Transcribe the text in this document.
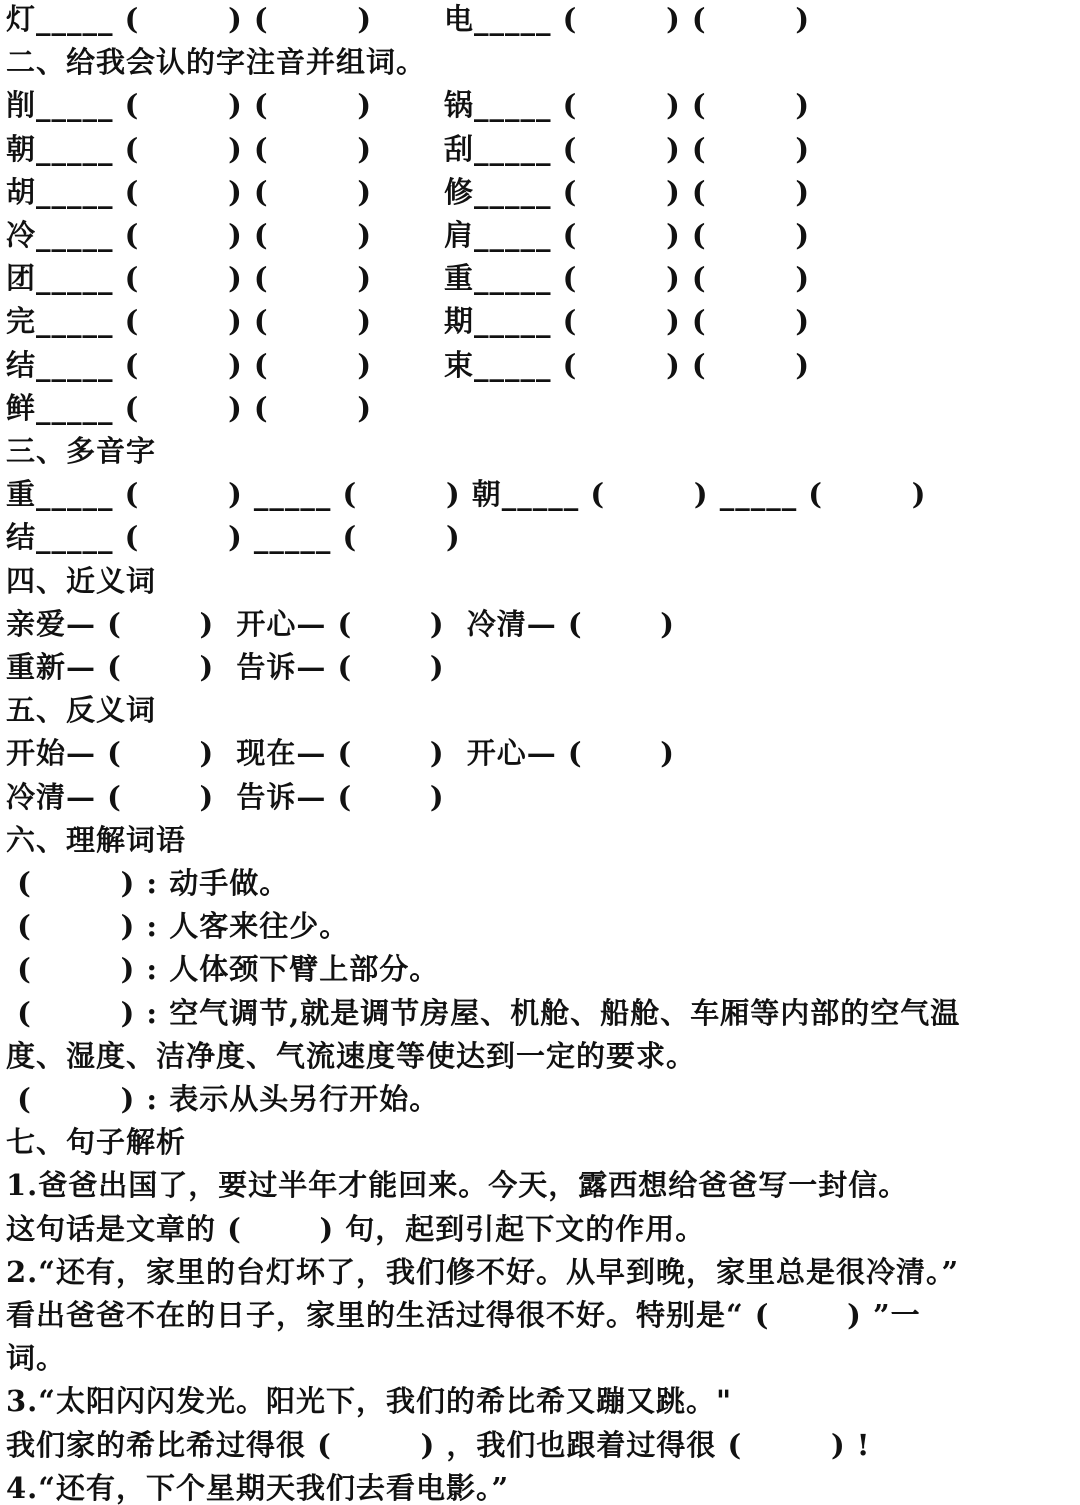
灯_____ (        ) (        )
二、给我会认的字注音并组词。
削_____ (        ) (        )
朝_____ (        ) (        )
胡_____ (        ) (        )
冷_____ (        ) (        )
团_____ (        ) (        )
完_____ (        ) (        )
结_____ (        ) (        )
鲜_____ (        ) (        )
三、多音字
重_____ (        ) _____ (        ) 朝_____ (        ) _____ (        )
结_____ (        ) _____ (        )
四、近义词
亲爱— (       )  开心— (       )  冷清— (       )
重新— (       )  告诉— (       )
五、反义词
开始— (       )  现在— (       )  开心— (       )
冷清— (       )  告诉— (       )
六、理解词语
(        ) : 动手做。
(        ) : 人客来往少。
(        ) : 人体颈下臂上部分。
(        ) : 空气调节,就是调节房屋、机舱、船舱、车厢等内部的空气温
度、湿度、洁净度、气流速度等使达到一定的要求。
(        ) : 表示从头另行开始。
七、句子解析
1.爸爸出国了，要过半年才能回来。今天，露西想给爸爸写一封信。
这句话是文章的 (       ) 句，起到引起下文的作用。
2.“还有，家里的台灯坏了，我们修不好。从早到晚，家里总是很冷清。”
看出爸爸不在的日子，家里的生活过得很不好。特别是“ (       ) ”一
词。
3.“太阳闪闪发光。阳光下，我们的希比希又蹦又跳。"
我们家的希比希过得很 (        ) ，我们也跟着过得很 (        ) !
4.“还有，下个星期天我们去看电影。”
电_____ (        ) (        )
锅_____ (        ) (        )
刮_____ (        ) (        )
修_____ (        ) (        )
肩_____ (        ) (        )
重_____ (        ) (        )
期_____ (        ) (        )
束_____ (        ) (        )
